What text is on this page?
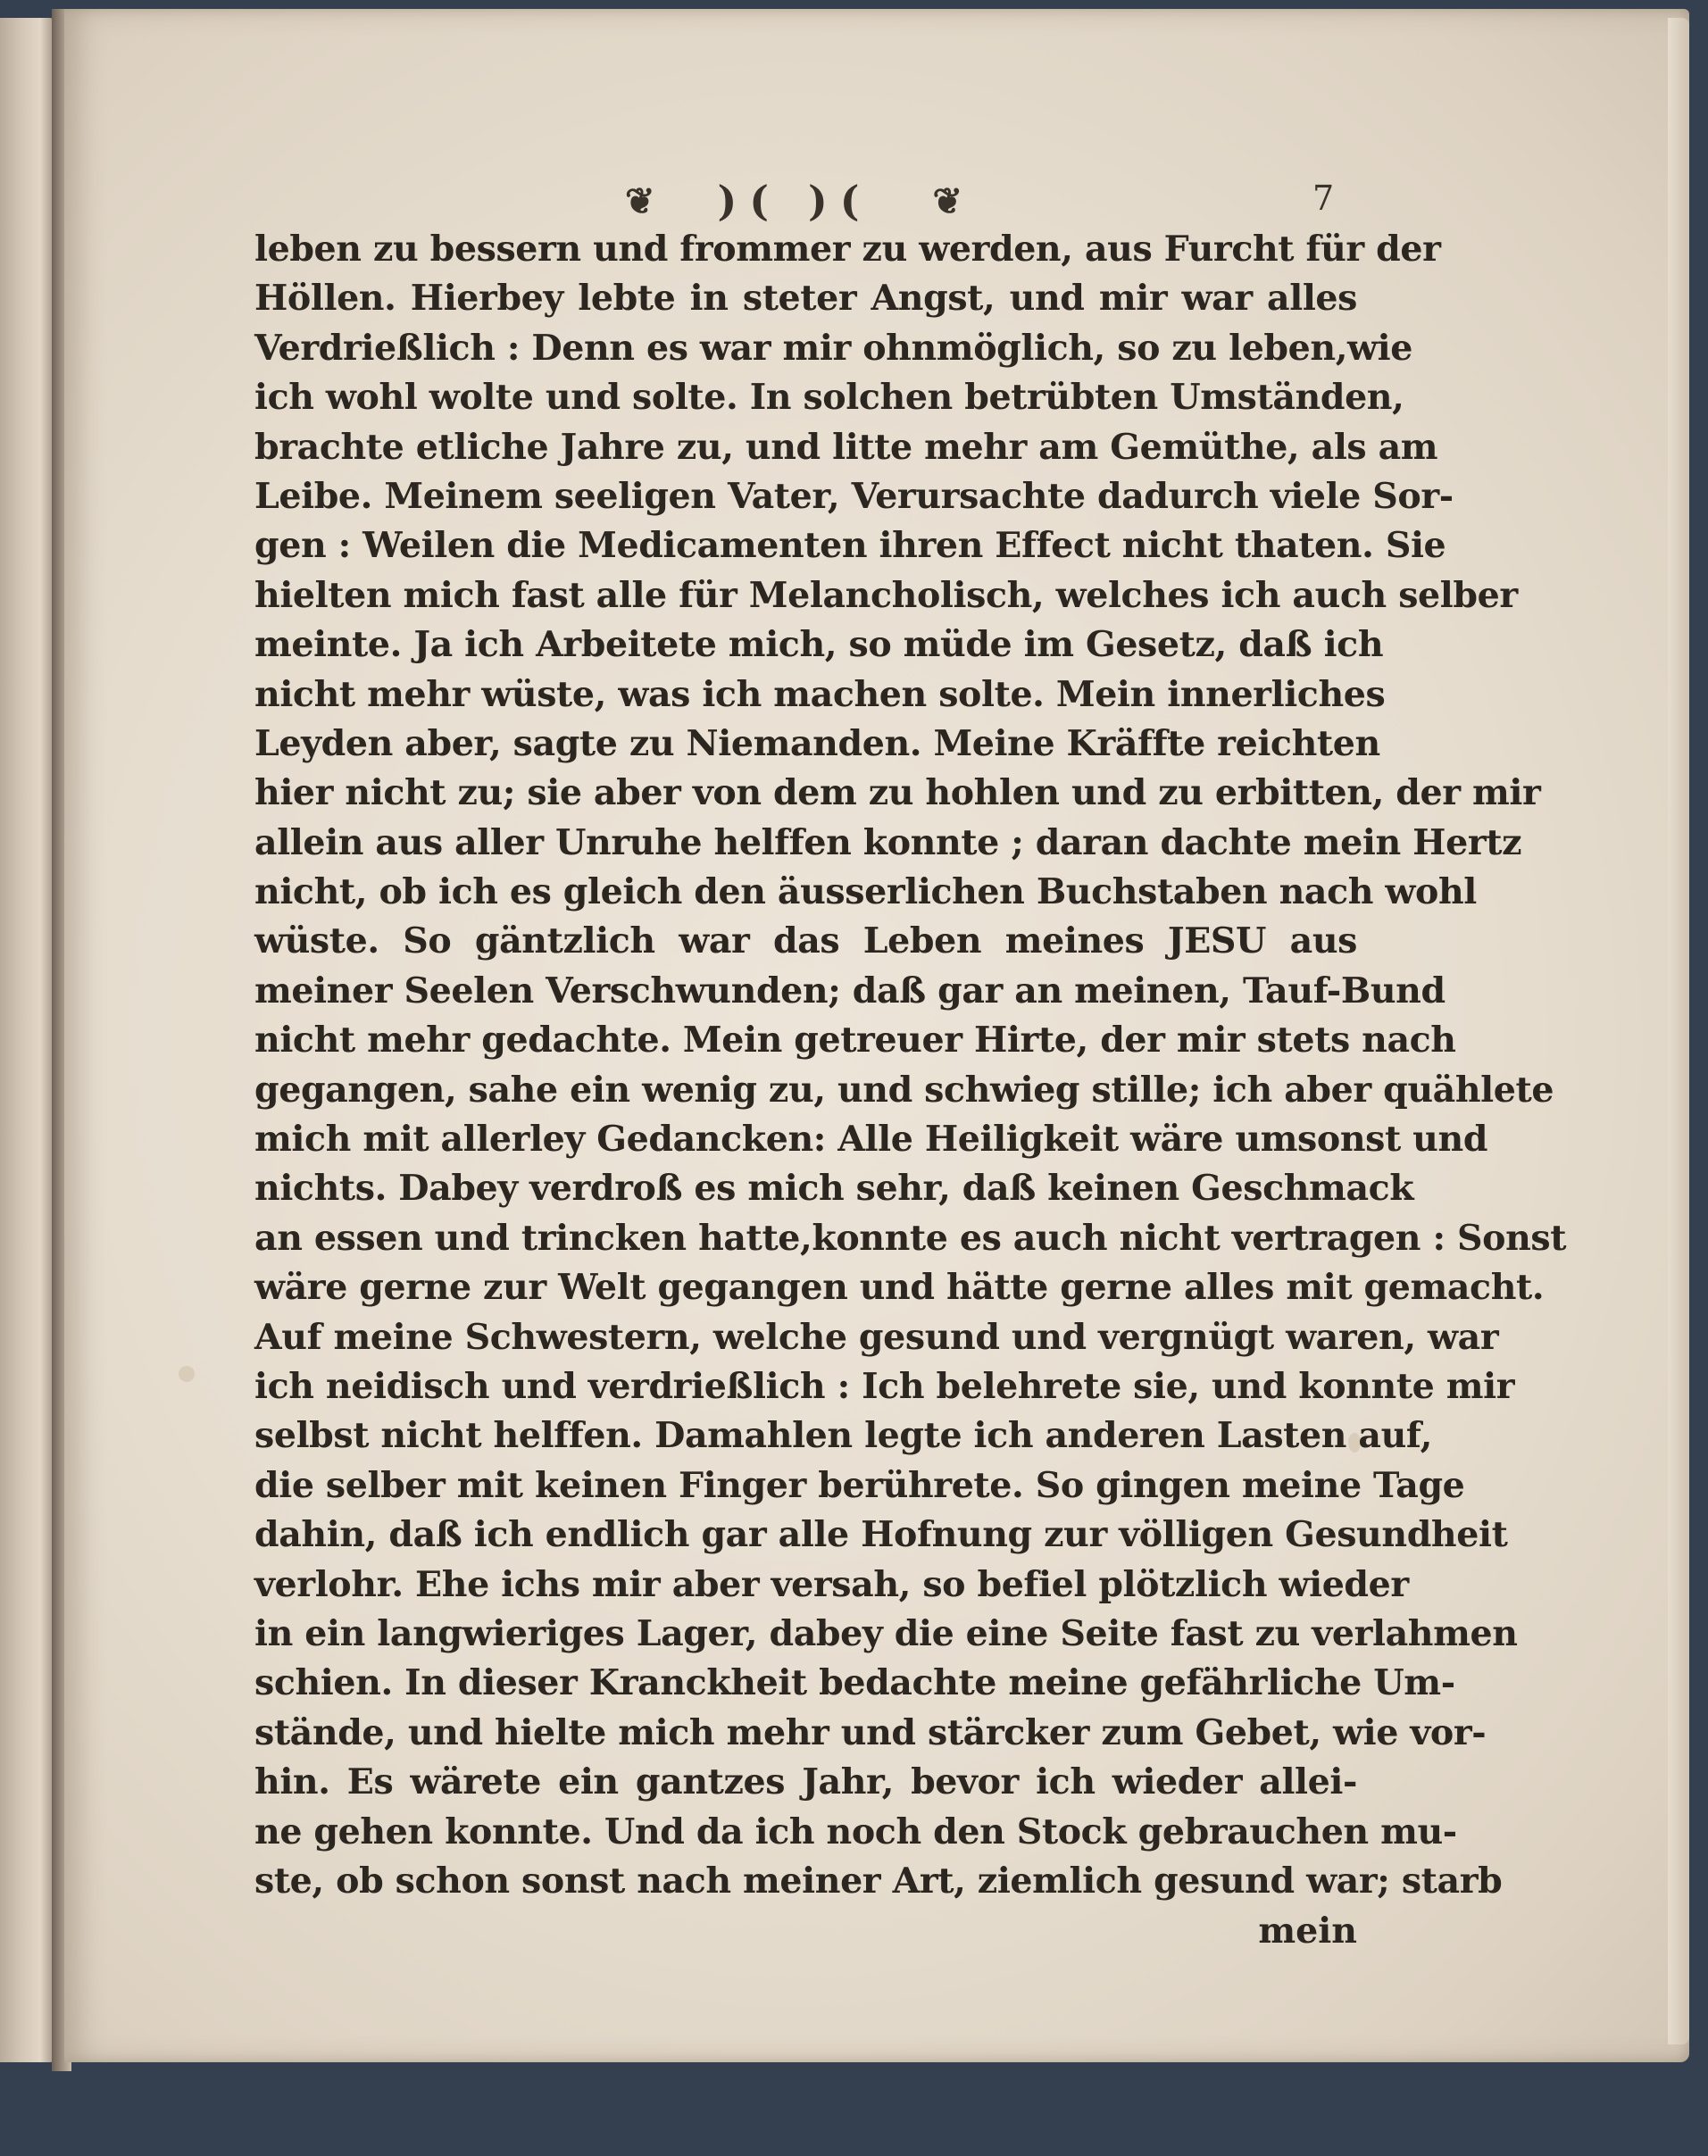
❦ )( )( ❦	7
leben zu bessern und frommer zu werden, aus Furcht für der
Höllen. Hierbey lebte in steter Angst, und mir war alles
Verdrießlich : Denn es war mir ohnmöglich, so zu leben,wie
ich wohl wolte und solte. In solchen betrübten Umständen,
brachte etliche Jahre zu, und litte mehr am Gemüthe, als am
Leibe. Meinem seeligen Vater, Verursachte dadurch viele Sor-
gen : Weilen die Medicamenten ihren Effect nicht thaten. Sie
hielten mich fast alle für Melancholisch, welches ich auch selber
meinte. Ja ich Arbeitete mich, so müde im Gesetz, daß ich
nicht mehr wüste, was ich machen solte. Mein innerliches
Leyden aber, sagte zu Niemanden. Meine Kräffte reichten
hier nicht zu; sie aber von dem zu hohlen und zu erbitten, der mir
allein aus aller Unruhe helffen konnte ; daran dachte mein Hertz
nicht, ob ich es gleich den äusserlichen Buchstaben nach wohl
wüste. So gäntzlich war das Leben meines JESU aus
meiner Seelen Verschwunden; daß gar an meinen, Tauf-Bund
nicht mehr gedachte. Mein getreuer Hirte, der mir stets nach
gegangen, sahe ein wenig zu, und schwieg stille; ich aber quählete
mich mit allerley Gedancken: Alle Heiligkeit wäre umsonst und
nichts. Dabey verdroß es mich sehr, daß keinen Geschmack
an essen und trincken hatte,konnte es auch nicht vertragen : Sonst
wäre gerne zur Welt gegangen und hätte gerne alles mit gemacht.
Auf meine Schwestern, welche gesund und vergnügt waren, war
ich neidisch und verdrießlich : Ich belehrete sie, und konnte mir
selbst nicht helffen. Damahlen legte ich anderen Lasten auf,
die selber mit keinen Finger berührete. So gingen meine Tage
dahin, daß ich endlich gar alle Hofnung zur völligen Gesundheit
verlohr. Ehe ichs mir aber versah, so befiel plötzlich wieder
in ein langwieriges Lager, dabey die eine Seite fast zu verlahmen
schien. In dieser Kranckheit bedachte meine gefährliche Um-
stände, und hielte mich mehr und stärcker zum Gebet, wie vor-
hin. Es wärete ein gantzes Jahr, bevor ich wieder allei-
ne gehen konnte. Und da ich noch den Stock gebrauchen mu-
ste, ob schon sonst nach meiner Art, ziemlich gesund war; starb
mein
